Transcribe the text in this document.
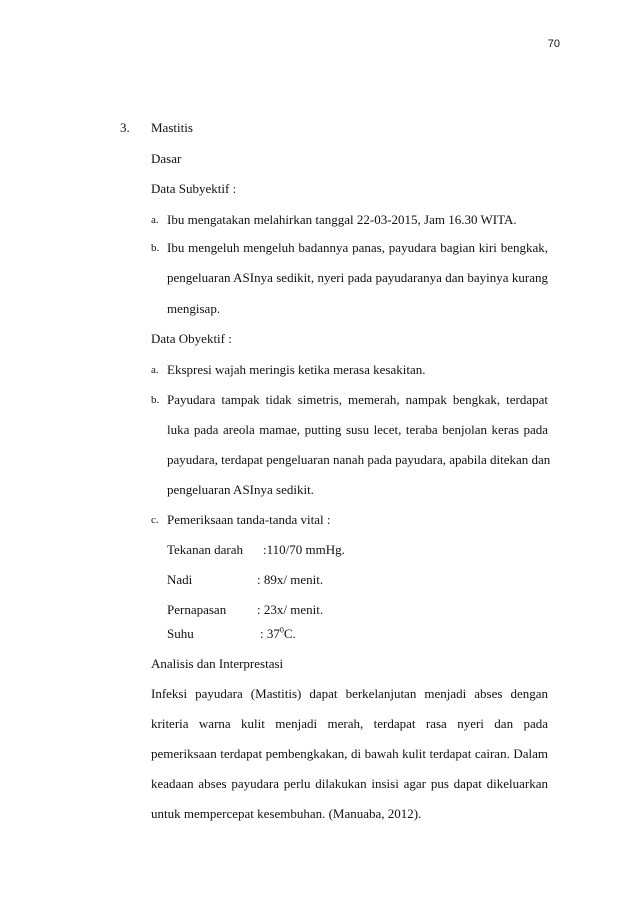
70
3. Mastitis
Dasar
Data Subyektif :
a. Ibu mengatakan melahirkan tanggal 22-03-2015, Jam 16.30 WITA.
b. Ibu mengeluh mengeluh badannya panas, payudara bagian kiri bengkak,
pengeluaran ASInya sedikit, nyeri pada payudaranya dan bayinya kurang
mengisap.
Data Obyektif :
a. Ekspresi wajah meringis ketika merasa kesakitan.
b. Payudara tampak tidak simetris, memerah, nampak bengkak, terdapat
luka pada areola mamae, putting susu lecet, teraba benjolan keras pada
payudara, terdapat pengeluaran nanah pada payudara, apabila ditekan dan
pengeluaran ASInya sedikit.
c. Pemeriksaan tanda-tanda vital :
Tekanan darah :110/70 mmHg.
Nadi	: 89x/ menit.
Pernapasan : 23x/ menit.
Suhu	: $37^0C$.
Analisis dan Interprestasi
Infeksi payudara (Mastitis) dapat berkelanjutan menjadi abses dengan
kriteria warna kulit menjadi merah, terdapat rasa nyeri dan pada
pemeriksaan terdapat pembengkakan, di bawah kulit terdapat cairan. Dalam
keadaan abses payudara perlu dilakukan insisi agar pus dapat dikeluarkan
untuk mempercepat kesembuhan. (Manuaba, 2012).
